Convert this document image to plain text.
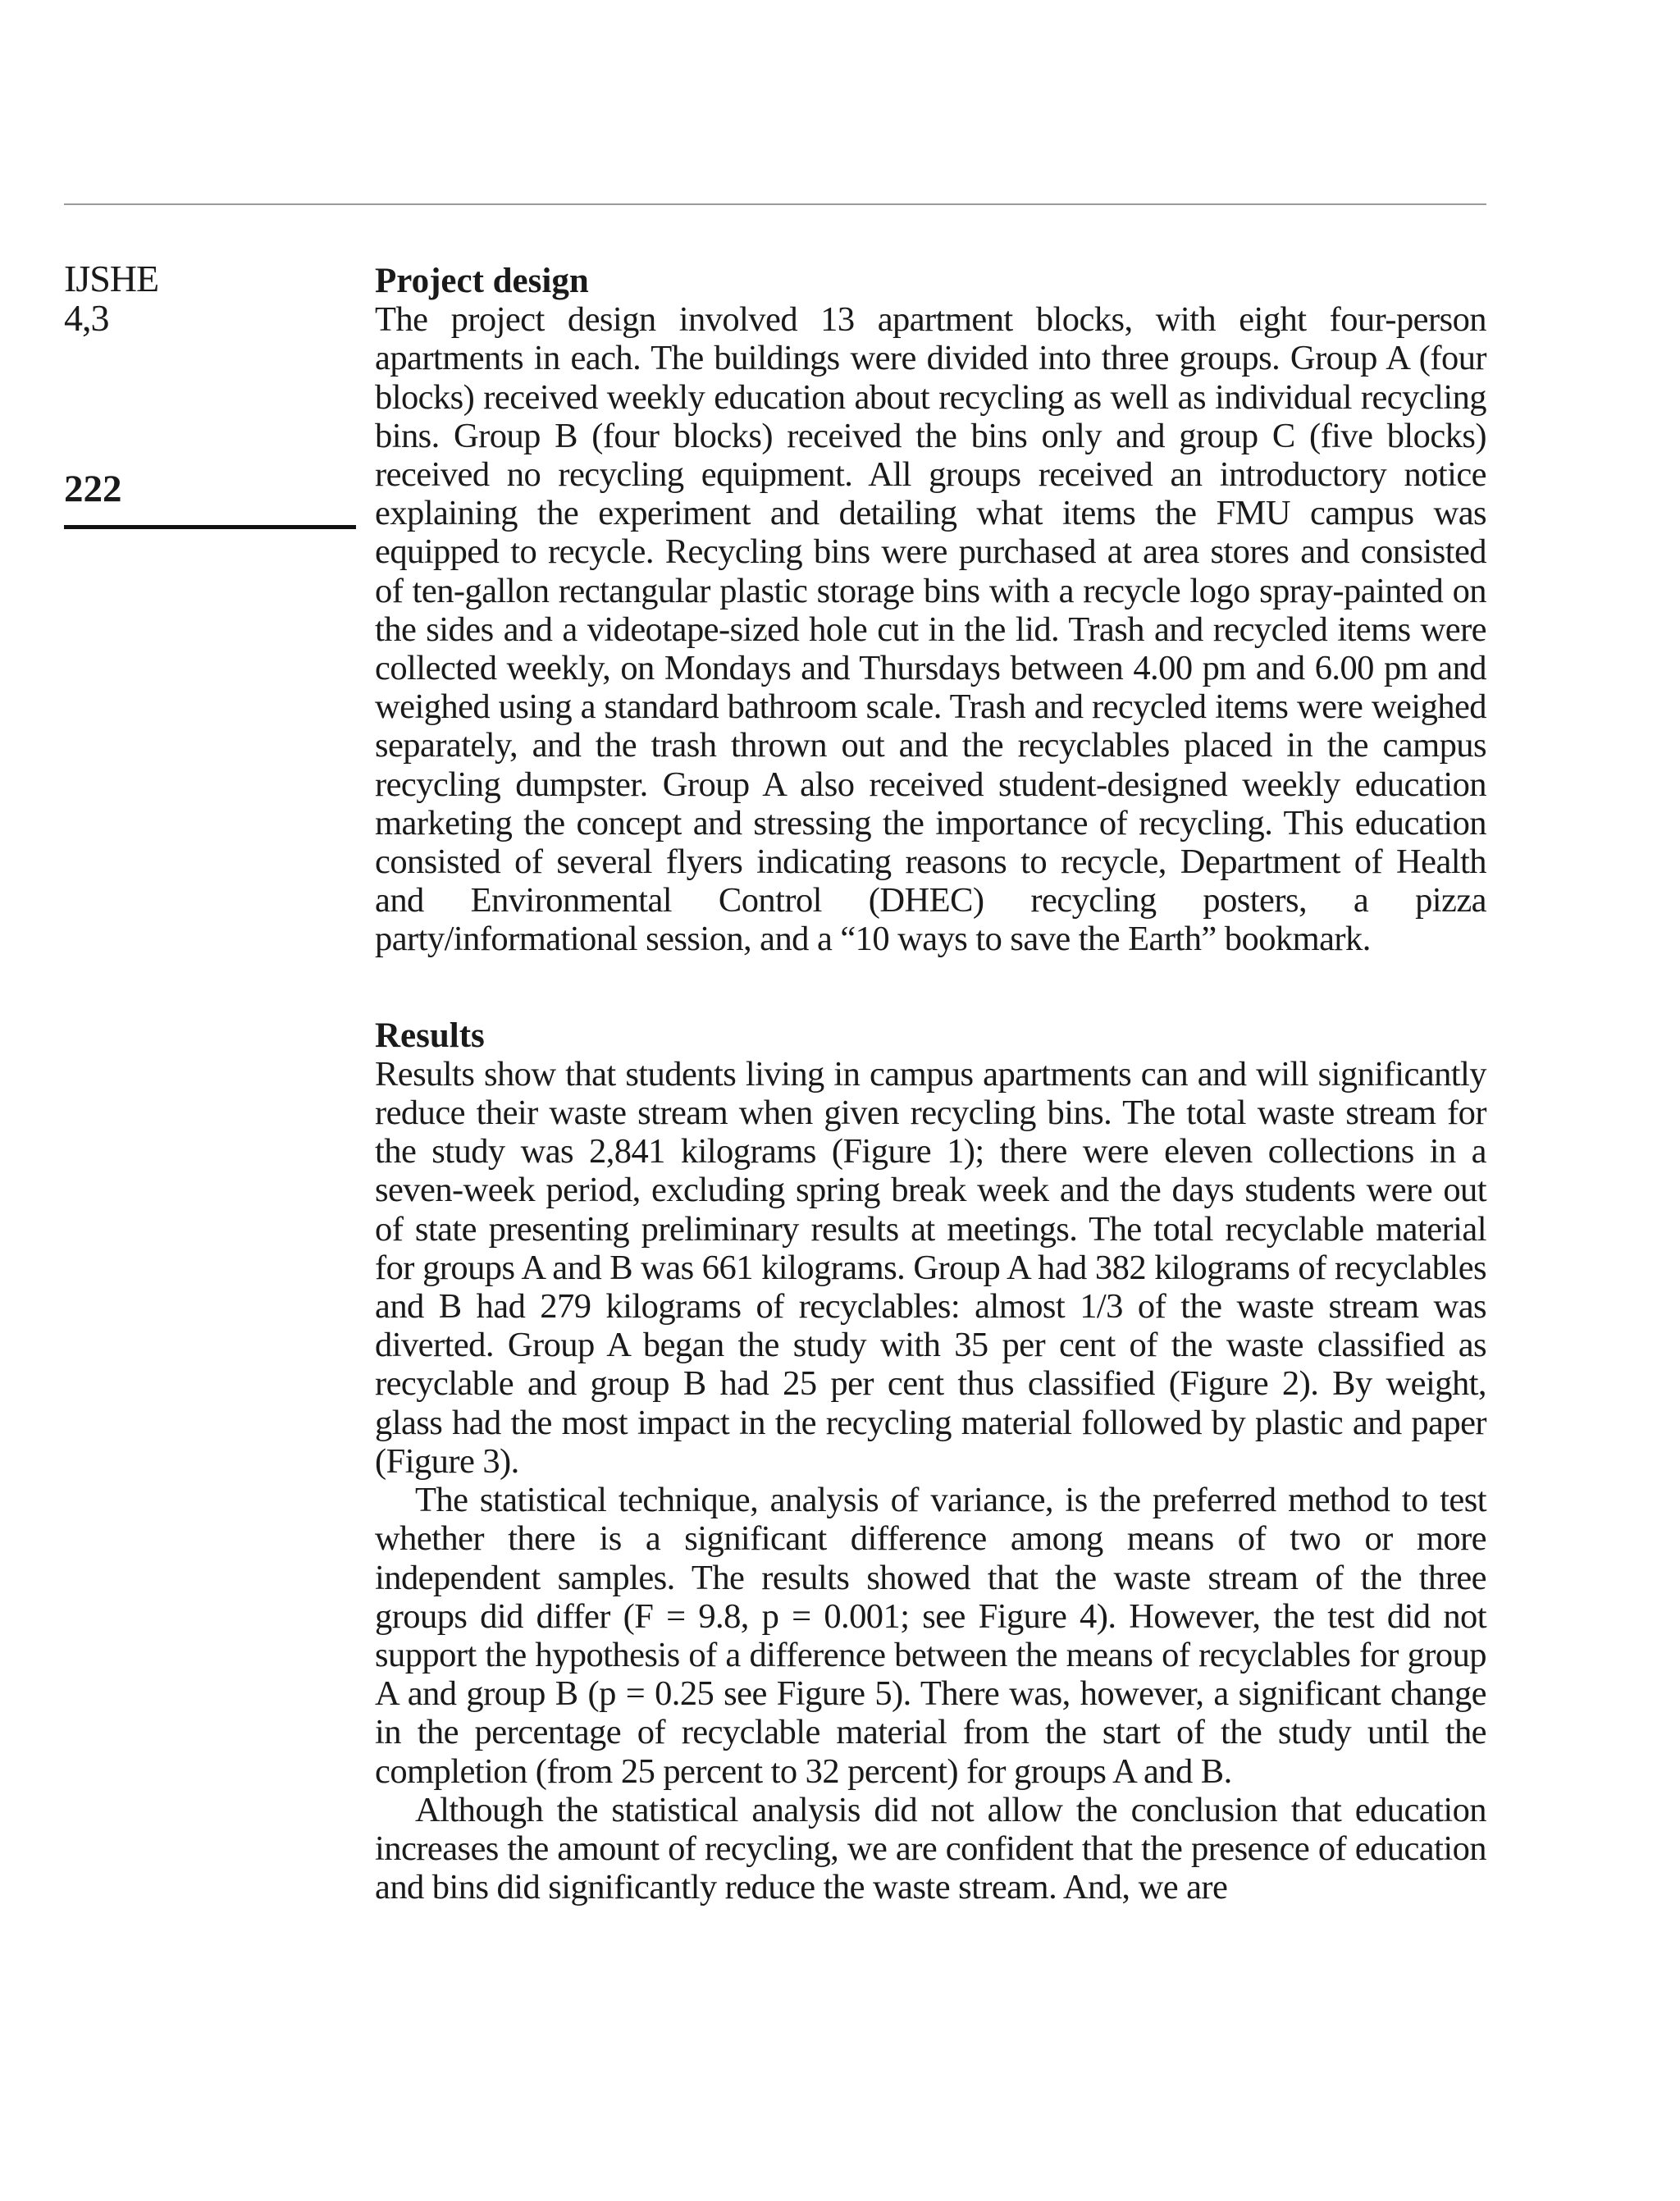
IJSHE
4,3
222
Project design

The project design involved 13 apartment blocks, with eight four-person apartments in each. The buildings were divided into three groups. Group A (four blocks) received weekly education about recycling as well as individual recycling bins. Group B (four blocks) received the bins only and group C (five blocks) received no recycling equipment. All groups received an introductory notice explaining the experiment and detailing what items the FMU campus was equipped to recycle. Recycling bins were purchased at area stores and consisted of ten-gallon rectangular plastic storage bins with a recycle logo spray-painted on the sides and a videotape-sized hole cut in the lid. Trash and recycled items were collected weekly, on Mondays and Thursdays between 4.00 pm and 6.00 pm and weighed using a standard bathroom scale. Trash and recycled items were weighed separately, and the trash thrown out and the recyclables placed in the campus recycling dumpster. Group A also received student-designed weekly education marketing the concept and stressing the importance of recycling. This education consisted of several flyers indicating reasons to recycle, Department of Health and Environmental Control (DHEC) recycling posters, a pizza party/informational session, and a “10 ways to save the Earth” bookmark.

Results

Results show that students living in campus apartments can and will significantly reduce their waste stream when given recycling bins. The total waste stream for the study was 2,841 kilograms (Figure 1); there were eleven collections in a seven-week period, excluding spring break week and the days students were out of state presenting preliminary results at meetings. The total recyclable material for groups A and B was 661 kilograms. Group A had 382 kilograms of recyclables and B had 279 kilograms of recyclables: almost 1/3 of the waste stream was diverted. Group A began the study with 35 per cent of the waste classified as recyclable and group B had 25 per cent thus classified (Figure 2). By weight, glass had the most impact in the recycling material followed by plastic and paper (Figure 3).

The statistical technique, analysis of variance, is the preferred method to test whether there is a significant difference among means of two or more independent samples. The results showed that the waste stream of the three groups did differ (F = 9.8, p = 0.001; see Figure 4). However, the test did not support the hypothesis of a difference between the means of recyclables for group A and group B (p = 0.25 see Figure 5). There was, however, a significant change in the percentage of recyclable material from the start of the study until the completion (from 25 percent to 32 percent) for groups A and B.

Although the statistical analysis did not allow the conclusion that education increases the amount of recycling, we are confident that the presence of education and bins did significantly reduce the waste stream. And, we are
